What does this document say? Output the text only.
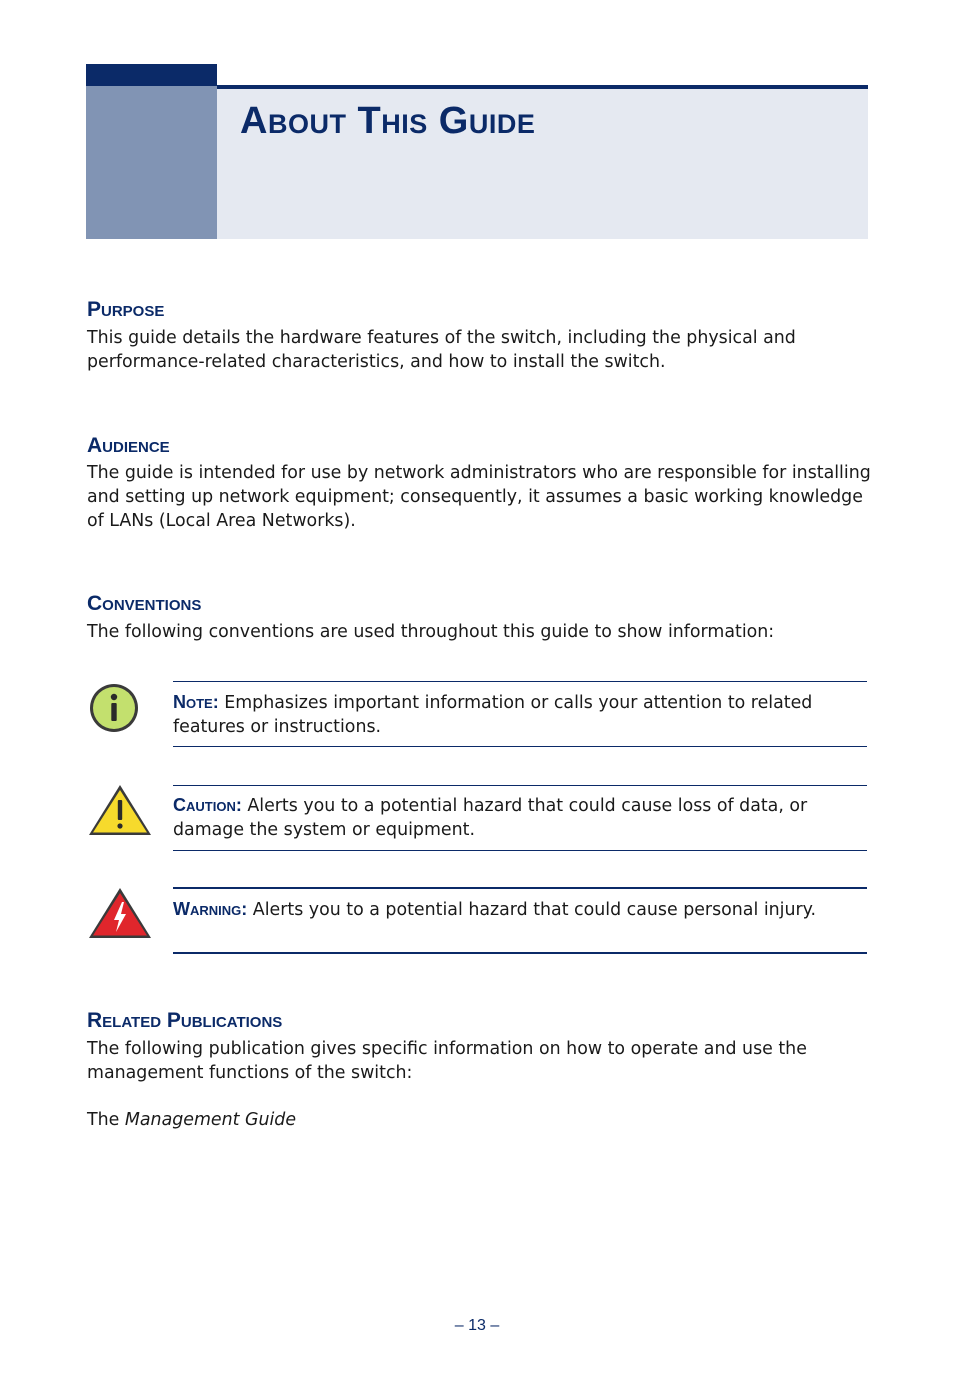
About This Guide
Purpose

This guide details the hardware features of the switch, including the physical and performance-related characteristics, and how to install the switch.

Audience

The guide is intended for use by network administrators who are responsible for installing and setting up network equipment; consequently, it assumes a basic working knowledge of LANs (Local Area Networks).

Conventions

The following conventions are used throughout this guide to show information:

Note: Emphasizes important information or calls your attention to related features or instructions.

Caution: Alerts you to a potential hazard that could cause loss of data, or damage the system or equipment.

Warning: Alerts you to a potential hazard that could cause personal injury.

Related Publications

The following publication gives specific information on how to operate and use the management functions of the switch:

The Management Guide

– 13 –
